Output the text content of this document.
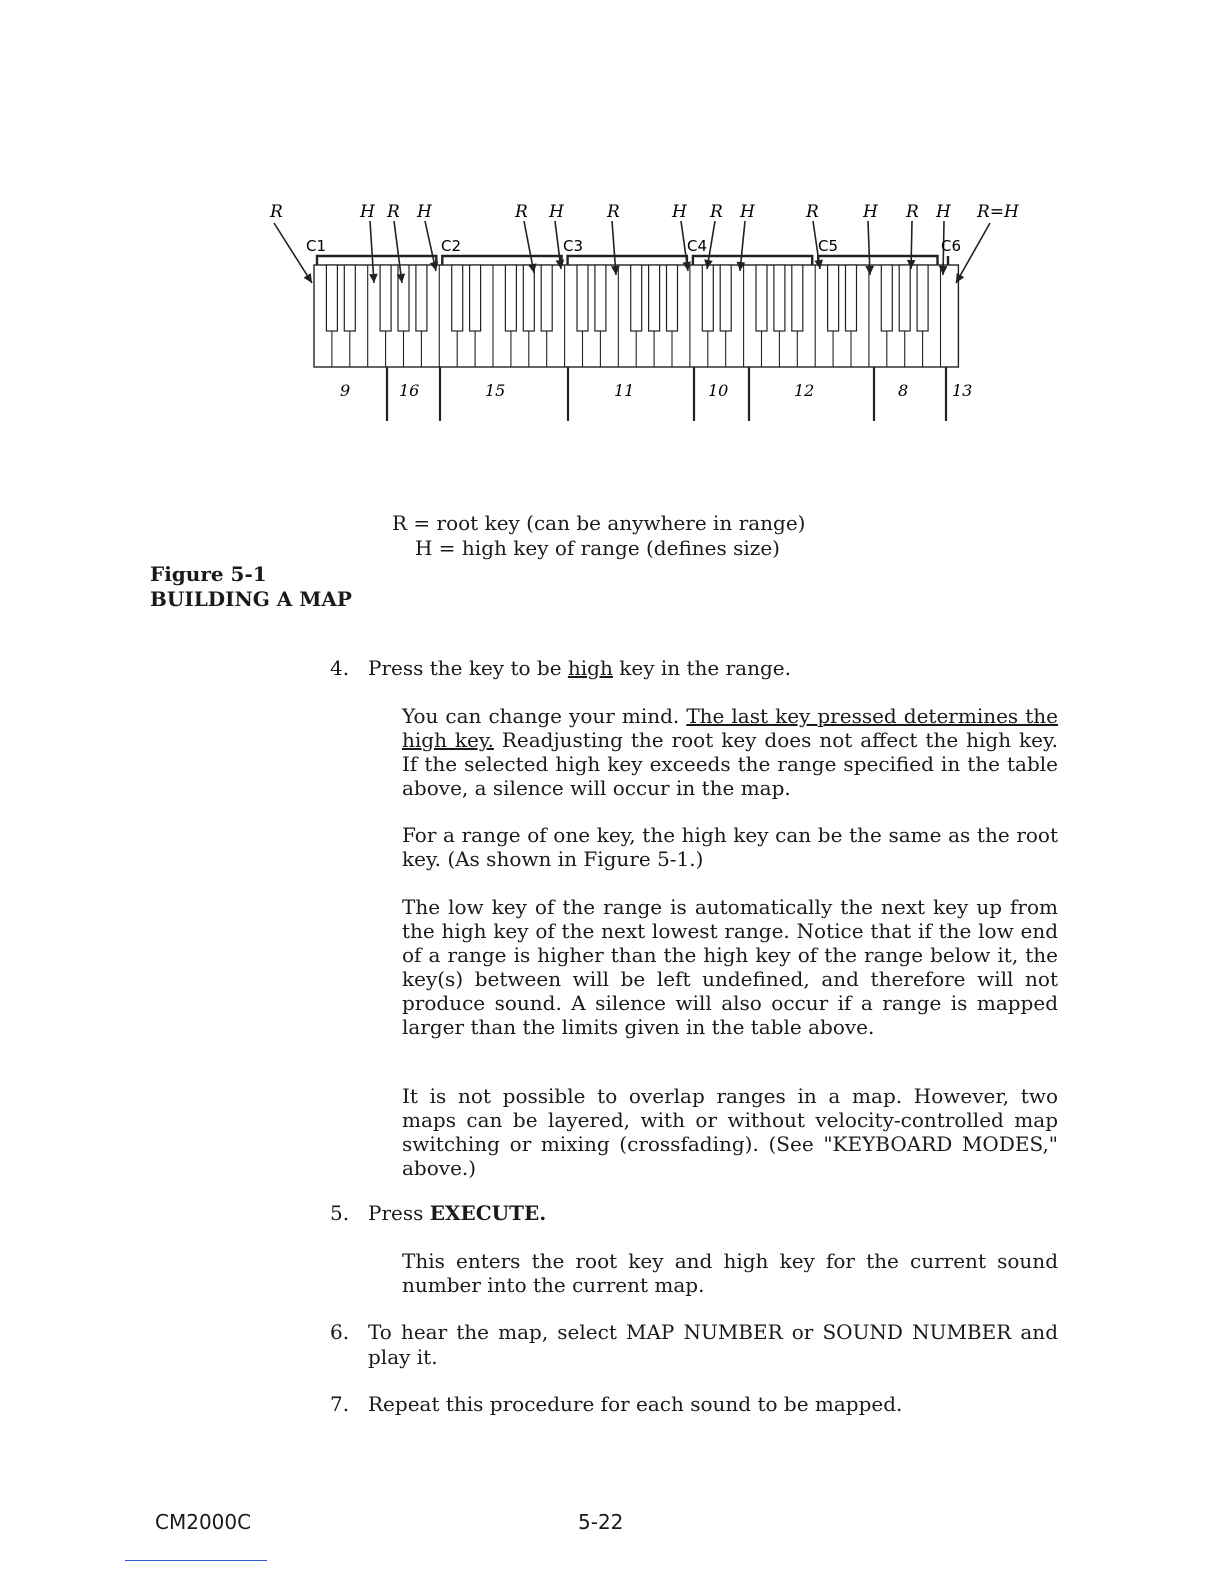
R	H R H	R H	R	H R H	R	H R H R=H
C1	C2	C3	C4	C5	C6
9	16	15	11	10	12	8	13
R = root key (can be anywhere in range)
H = high key of range (defines size)
Figure 5-1
BUILDING A MAP
4. Press the key to be high key in the range.
You can change your mind. The last key pressed determines the high key. Readjusting the root key does not affect the high key. If the selected high key exceeds the range specified in the table above, a silence will occur in the map.
For a range of one key, the high key can be the same as the root key. (As shown in Figure 5-1.)
The low key of the range is automatically the next key up from the high key of the next lowest range. Notice that if the low end of a range is higher than the high key of the range below it, the key(s) between will be left undefined, and therefore will not produce sound. A silence will also occur if a range is mapped larger than the limits given in the table above.
It is not possible to overlap ranges in a map. However, two maps can be layered, with or without velocity-controlled map switching or mixing (crossfading). (See "KEYBOARD MODES," above.)
5. Press EXECUTE.
This enters the root key and high key for the current sound number into the current map.
6. To hear the map, select MAP NUMBER or SOUND NUMBER and play it.
7. Repeat this procedure for each sound to be mapped.
CM2000C	5-22
